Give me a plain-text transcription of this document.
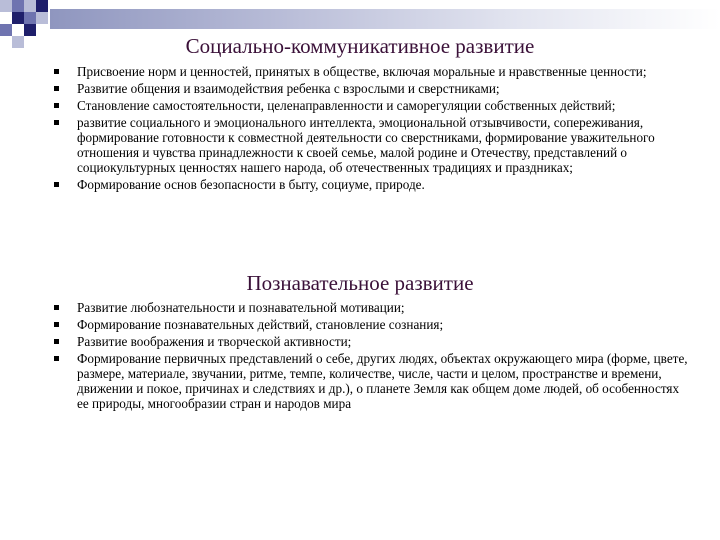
Социально-коммуникативное развитие
Присвоение норм и ценностей, принятых в обществе, включая моральные и нравственные ценности;
Развитие общения и взаимодействия ребенка с взрослыми и сверстниками;
Становление самостоятельности, целенаправленности и саморегуляции собственных действий;
развитие социального и эмоционального интеллекта, эмоциональной отзывчивости, сопереживания, формирование готовности к совместной деятельности со сверстниками, формирование уважительного отношения и чувства принадлежности к своей семье, малой родине и Отечеству, представлений о социокультурных ценностях нашего народа, об отечественных традициях и праздниках;
Формирование основ безопасности в быту, социуме, природе.
Познавательное развитие
Развитие любознательности и познавательной мотивации;
Формирование познавательных действий, становление сознания;
Развитие воображения и творческой активности;
Формирование первичных представлений о себе, других людях, объектах окружающего мира (форме, цвете, размере, материале, звучании, ритме, темпе, количестве, числе, части и целом, пространстве и времени, движении и покое, причинах и следствиях и др.), о планете Земля как общем доме людей, об особенностях ее природы, многообразии стран и народов мира
